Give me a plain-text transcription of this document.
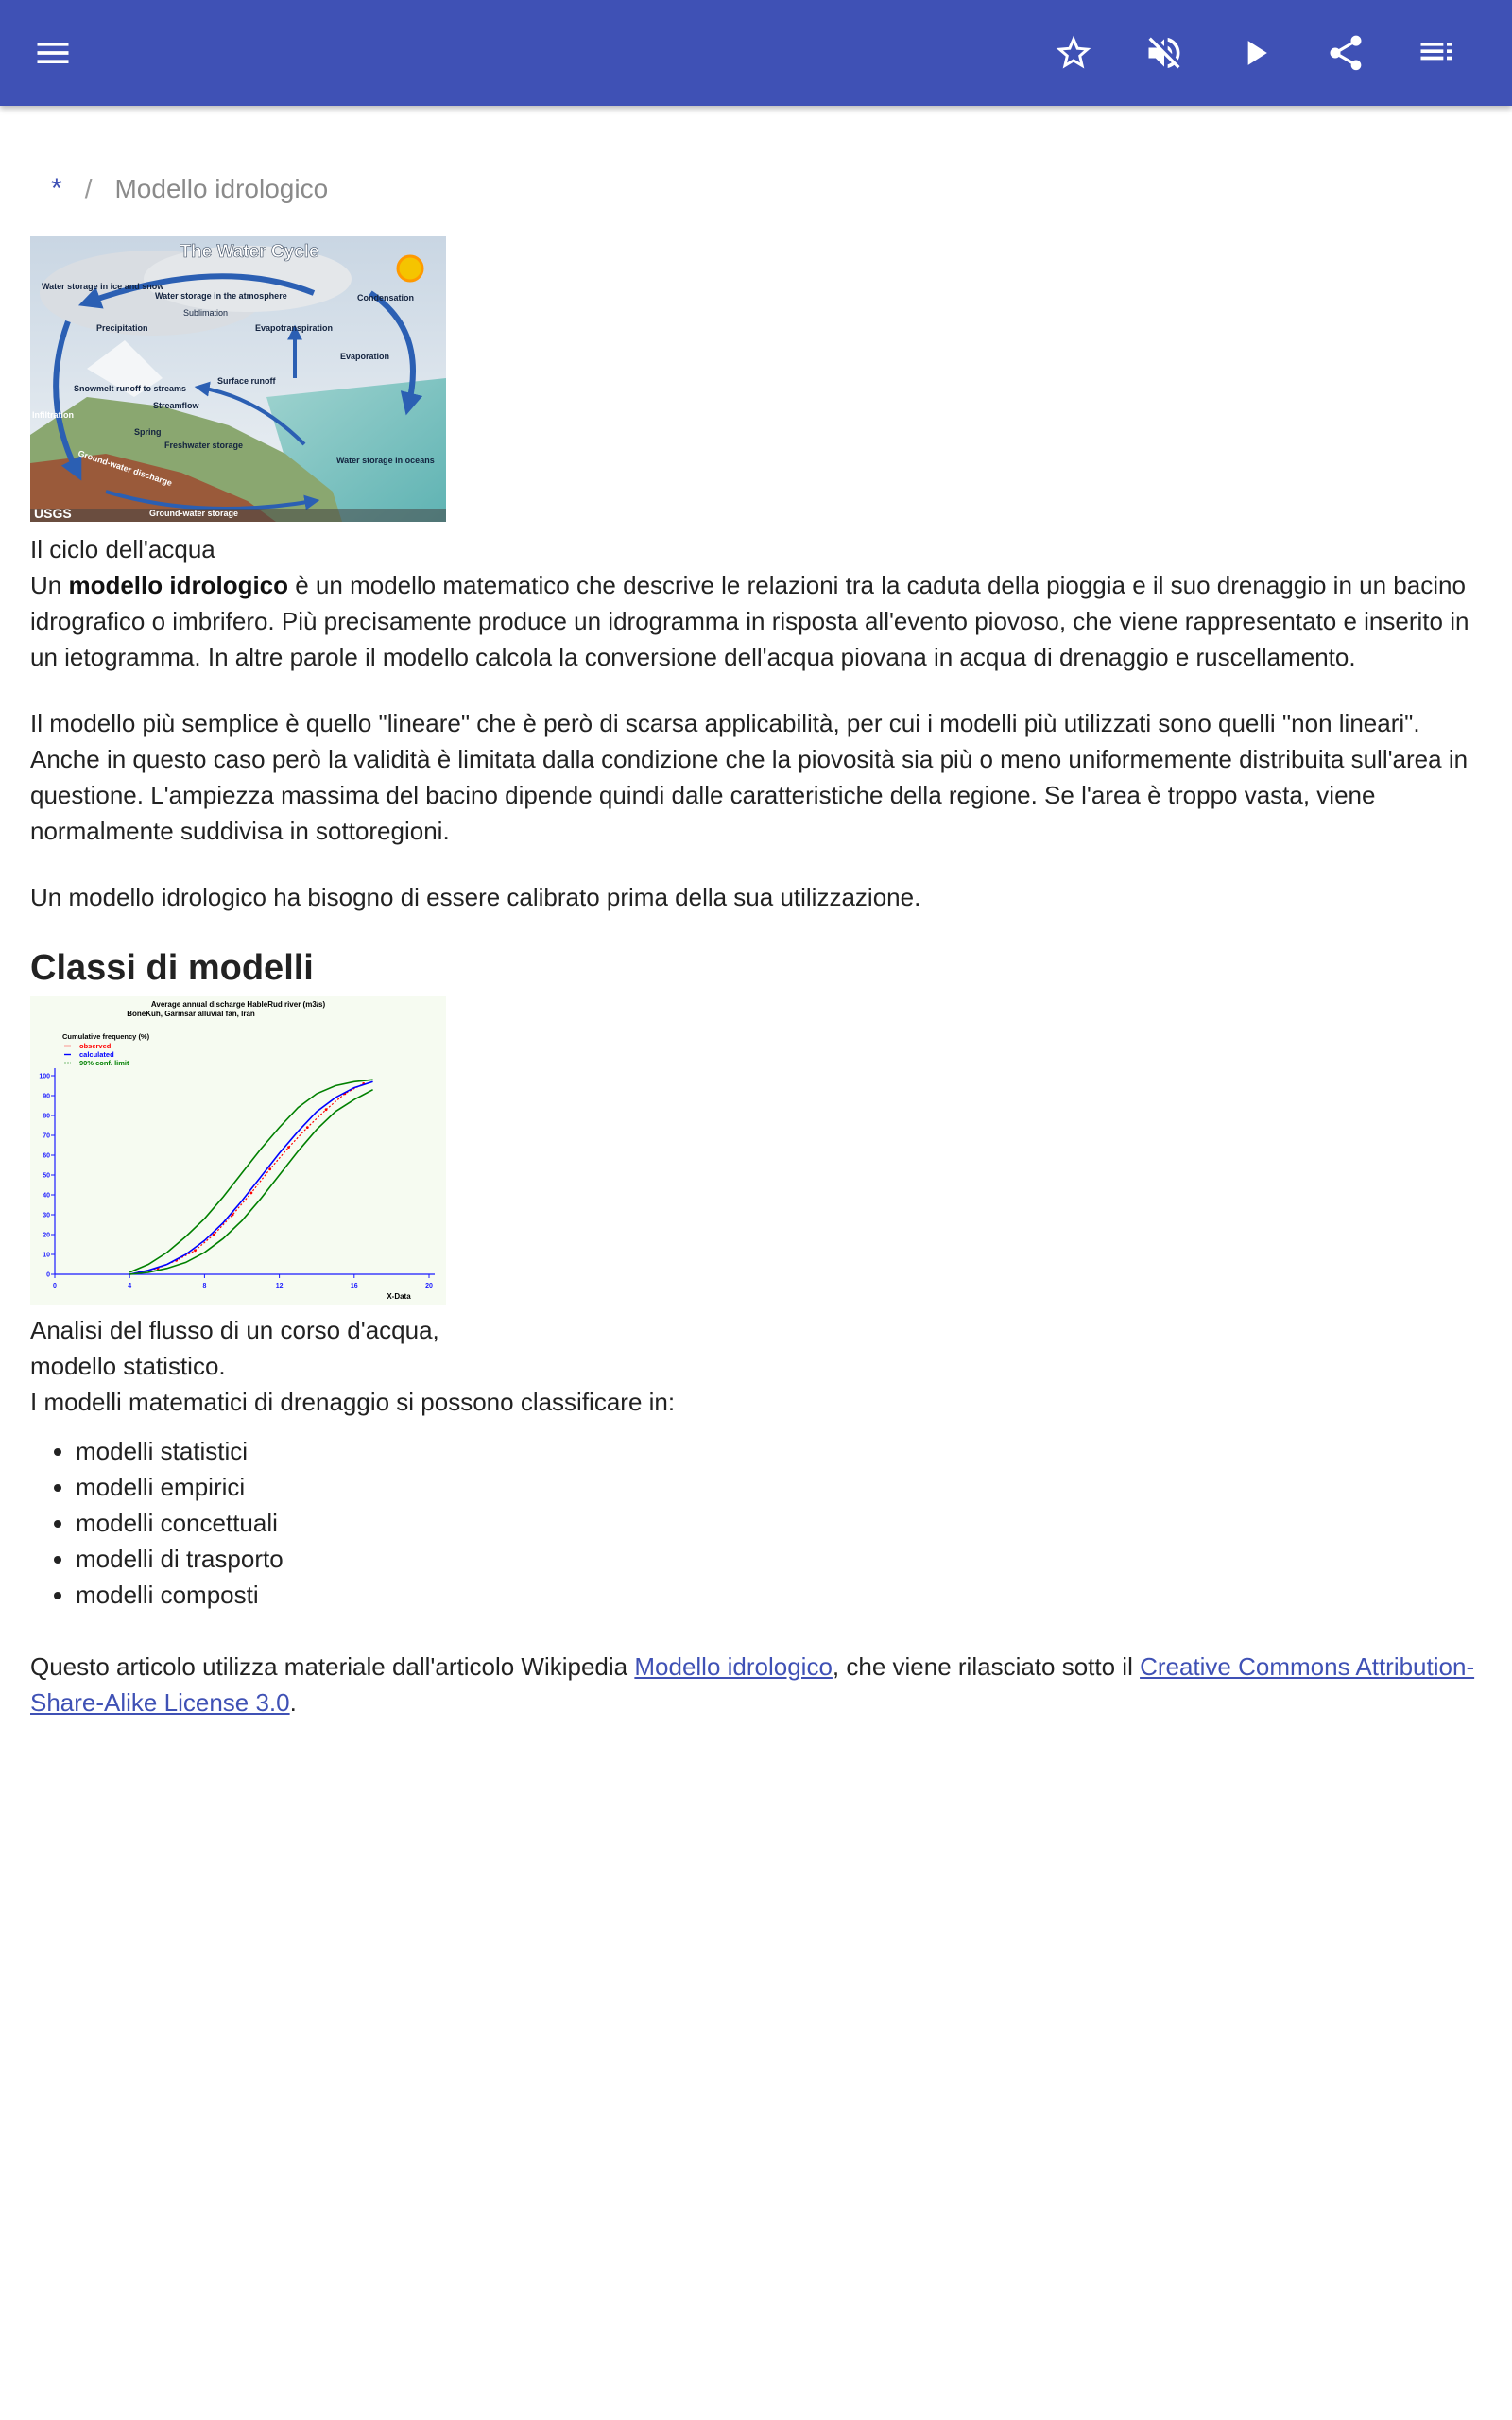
* / Modello idrologico
The Water Cycle
Water storage in ice and snow
Water storage in the atmosphere
Sublimation
Condensation
Precipitation	Evapotranspiration
Evaporation
Snowmelt runoff to streams
Surface runoff
Streamflow
Infiltration
Spring
Freshwater storage
Water storage in oceans
Ground-water discharge
Ground-water storage
USGS
Il ciclo dell'acqua

Un modello idrologico è un modello matematico che descrive le relazioni tra la caduta della pioggia e il suo drenaggio in un bacino idrografico o imbrifero. Più precisamente produce un idrogramma in risposta all'evento piovoso, che viene rappresentato e inserito in un ietogramma. In altre parole il modello calcola la conversione dell'acqua piovana in acqua di drenaggio e ruscellamento.

Il modello più semplice è quello "lineare" che è però di scarsa applicabilità, per cui i modelli più utilizzati sono quelli "non lineari". Anche in questo caso però la validità è limitata dalla condizione che la piovosità sia più o meno uniformemente distribuita sull'area in questione. L'ampiezza massima del bacino dipende quindi dalle caratteristiche della regione. Se l'area è troppo vasta, viene normalmente suddivisa in sottoregioni.

Un modello idrologico ha bisogno di essere calibrato prima della sua utilizzazione.

Classi di modelli
Average annual discharge HableRud river (m3/s)
BoneKuh, Garmsar alluvial fan, Iran
Cumulative frequency (%)
observed
calculated
90% conf. limit
0
10
20
30
40
50
60
70
80
90
100
0	4	8	12	16	20
X-Data
Analisi del flusso di un corso d'acqua,
modello statistico.
I modelli matematici di drenaggio si possono classificare in:
• modelli statistici
• modelli empirici
• modelli concettuali
• modelli di trasporto
• modelli composti

Questo articolo utilizza materiale dall'articolo Wikipedia Modello idrologico, che viene rilasciato sotto il Creative Commons Attribution-Share-Alike License 3.0.
